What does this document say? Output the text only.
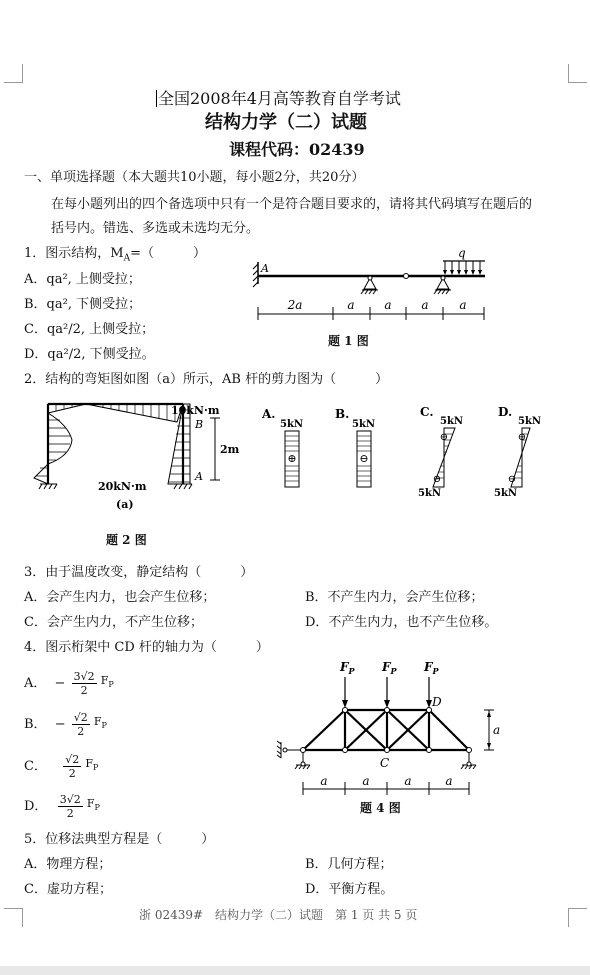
全国2008年4月高等教育自学考试
结构力学（二）试题
课程代码：02439
一、单项选择题（本大题共10小题，每小题2分，共20分）
在每小题列出的四个备选项中只有一个是符合题目要求的，请将其代码填写在题后的
括号内。错选、多选或未选均无分。
1．图示结构，$M_A=$（　　　）
A．qa², 上侧受拉；
B．qa², 下侧受拉；
C．qa²/2, 上侧受拉；
D．qa²/2, 下侧受拉。
A
q
2a	a a a	a
题 1 图
2．结构的弯矩图如图（a）所示，AB 杆的剪力图为（　　　）
10kN·m
B
A
2m
20kN·m
(a)
A.
5kN
⊕
B.
5kN
⊖
C.
5kN
⊕
⊖
5kN
D.
5kN
⊕
⊖
5kN
题 2 图
3．由于温度改变，静定结构（　　　）
A．会产生内力，也会产生位移；	B．不产生内力，会产生位移；
C．会产生内力，不产生位移；	D．不产生内力，也不产生位移。
4．图示桁架中 CD 杆的轴力为（　　　）
A． − $\frac{3√2}{2} F_P$
B． − $\frac{√2}{2} F_P$
C． $\frac{√2}{2} F_P$
D． $\frac{3√2}{2} F_P$
$F_P$ $F_P$ $F_P$
D
C
a
a	a	a	a
题 4 图
5．位移法典型方程是（　　　）
A．物理方程；	B．几何方程；
C．虚功方程；	D．平衡方程。
浙 02439#　结构力学（二）试题　第 1 页 共 5 页
